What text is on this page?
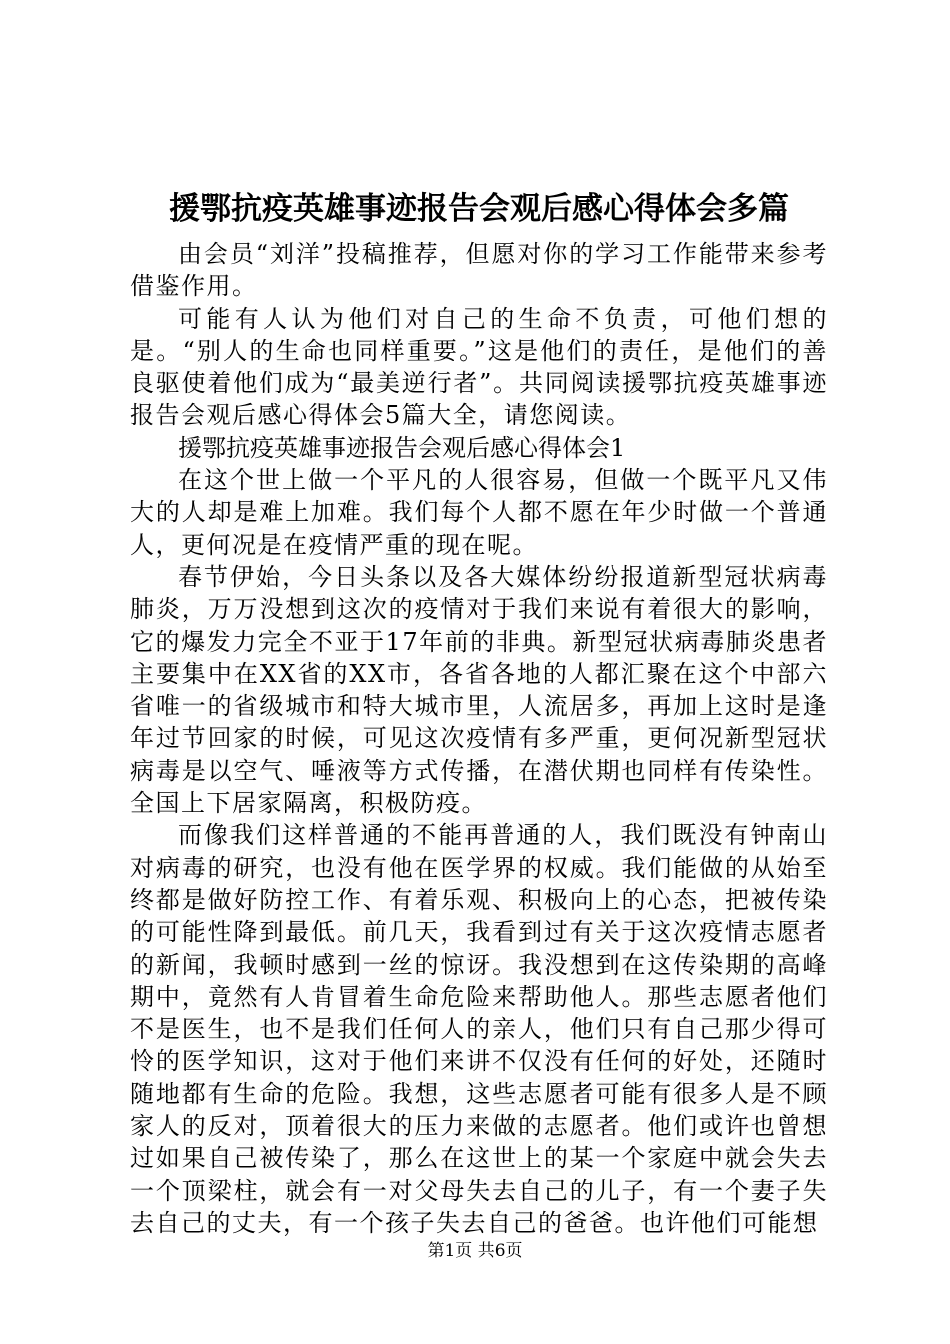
援鄂抗疫英雄事迹报告会观后感心得体会多篇

由会员“刘洋”投稿推荐，但愿对你的学习工作能带来参考借鉴作用。

可能有人认为他们对自己的生命不负责，可他们想的是。“别人的生命也同样重要。”这是他们的责任，是他们的善良驱使着他们成为“最美逆行者”。共同阅读援鄂抗疫英雄事迹报告会观后感心得体会5篇大全，请您阅读。

援鄂抗疫英雄事迹报告会观后感心得体会1

在这个世上做一个平凡的人很容易，但做一个既平凡又伟大的人却是难上加难。我们每个人都不愿在年少时做一个普通人，更何况是在疫情严重的现在呢。

春节伊始，今日头条以及各大媒体纷纷报道新型冠状病毒肺炎，万万没想到这次的疫情对于我们来说有着很大的影响，它的爆发力完全不亚于17年前的非典。新型冠状病毒肺炎患者主要集中在XX省的XX市，各省各地的人都汇聚在这个中部六省唯一的省级城市和特大城市里，人流居多，再加上这时是逢年过节回家的时候，可见这次疫情有多严重，更何况新型冠状病毒是以空气、唾液等方式传播，在潜伏期也同样有传染性。全国上下居家隔离，积极防疫。

而像我们这样普通的不能再普通的人，我们既没有钟南山对病毒的研究，也没有他在医学界的权威。我们能做的从始至终都是做好防控工作、有着乐观、积极向上的心态，把被传染的可能性降到最低。前几天，我看到过有关于这次疫情志愿者的新闻，我顿时感到一丝的惊讶。我没想到在这传染期的高峰期中，竟然有人肯冒着生命危险来帮助他人。那些志愿者他们不是医生，也不是我们任何人的亲人，他们只有自己那少得可怜的医学知识，这对于他们来讲不仅没有任何的好处，还随时随地都有生命的危险。我想，这些志愿者可能有很多人是不顾家人的反对，顶着很大的压力来做的志愿者。他们或许也曾想过如果自己被传染了，那么在这世上的某一个家庭中就会失去一个顶梁柱，就会有一对父母失去自己的儿子，有一个妻子失去自己的丈夫，有一个孩子失去自己的爸爸。也许他们可能想

第1页 共6页
